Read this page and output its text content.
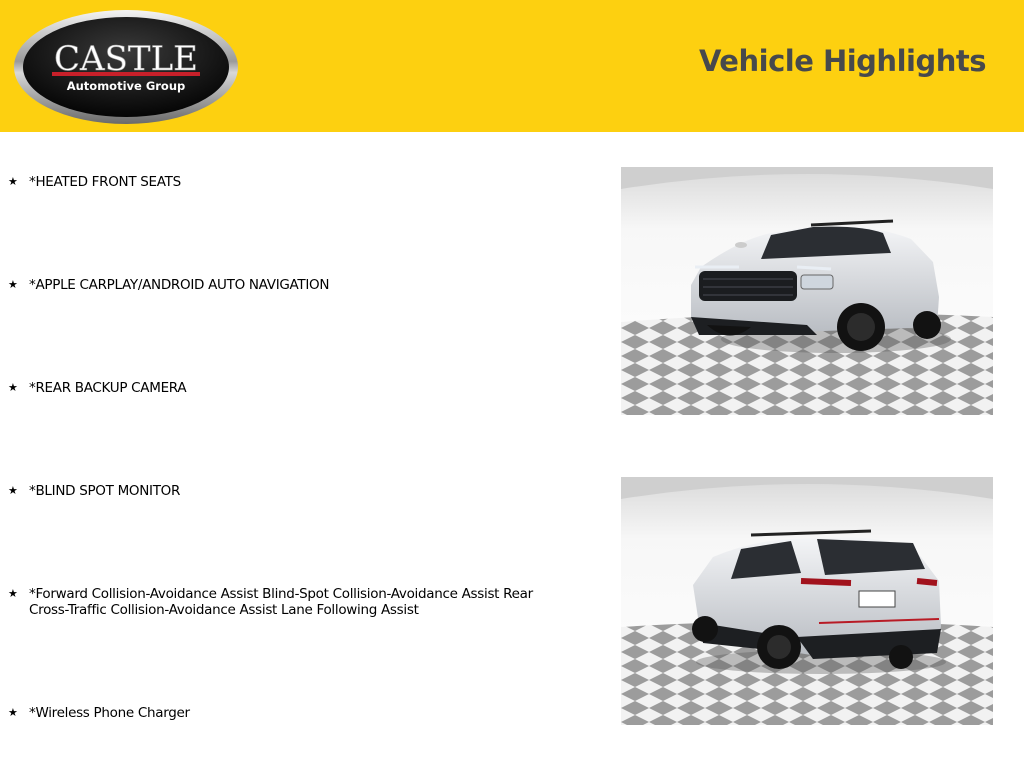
CASTLE
Automotive Group
Vehicle Highlights
★ *HEATED FRONT SEATS
★ *APPLE CARPLAY/ANDROID AUTO NAVIGATION
★ *REAR BACKUP CAMERA
★ *BLIND SPOT MONITOR
★ *Forward Collision-Avoidance Assist Blind-Spot Collision-Avoidance Assist Rear Cross-Traffic Collision-Avoidance Assist Lane Following Assist
★ *Wireless Phone Charger
